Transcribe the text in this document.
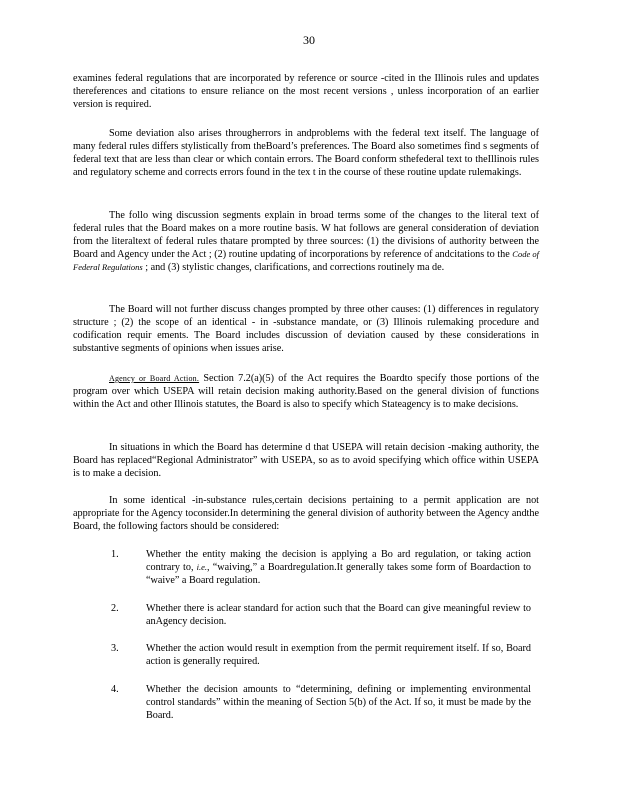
30

examines federal regulations that are incorporated by reference or source -cited in the Illinois rules and updates thereferences and citations to ensure reliance on the most recent versions , unless incorporation of an earlier version is required.

Some deviation also arises througherrors in andproblems with the federal text itself. The language of many federal rules differs stylistically from theBoard’s preferences. The Board also sometimes find s segments of federal text that are less than clear or which contain errors. The Board conform sthefederal text to theIllinois rules and regulatory scheme and corrects errors found in the tex t in the course of these routine update rulemakings.

The follo wing discussion segments explain in broad terms some of the changes to the literal text of federal rules that the Board makes on a more routine basis. W hat follows are general consideration of deviation from the literaltext of federal rules thatare prompted by three sources: (1) the divisions of authority between the Board and Agency under the Act ; (2) routine updating of incorporations by reference of andcitations to the Code of Federal Regulations ; and (3) stylistic changes, clarifications, and corrections routinely ma de.

The Board will not further discuss changes prompted by three other causes: (1) differences in regulatory structure ; (2) the scope of an identical - in -substance mandate, or (3) Illinois rulemaking procedure and codification requir ements. The Board includes discussion of deviation caused by these considerations in substantive segments of opinions when issues arise.

Agency or Board Action. Section 7.2(a)(5) of the Act requires the Boardto specify those portions of the program over which USEPA will retain decision making authority.Based on the general division of functions within the Act and other Illinois statutes, the Board is also to specify which Stateagency is to make decisions.

In situations in which the Board has determine d that USEPA will retain decision -making authority, the Board has replaced“Regional Administrator” with USEPA, so as to avoid specifying which office within USEPA is to make a decision.

In some identical -in-substance rules,certain decisions pertaining to a permit application are not appropriate for the Agency toconsider.In determining the general division of authority between the Agency andthe Board, the following factors should be considered:

1.	Whether the entity making the decision is applying a Bo ard regulation, or taking action contrary to, i.e., “waiving,” a Boardregulation.It generally takes some form of Boardaction to “waive” a Board regulation.

2.	Whether there is aclear standard for action such that the Board can give meaningful review to anAgency decision.

3.	Whether the action would result in exemption from the permit requirement itself. If so, Board action is generally required.

4.	Whether the decision amounts to “determining, defining or implementing environmental control standards” within the meaning of Section 5(b) of the Act. If so, it must be made by the Board.
